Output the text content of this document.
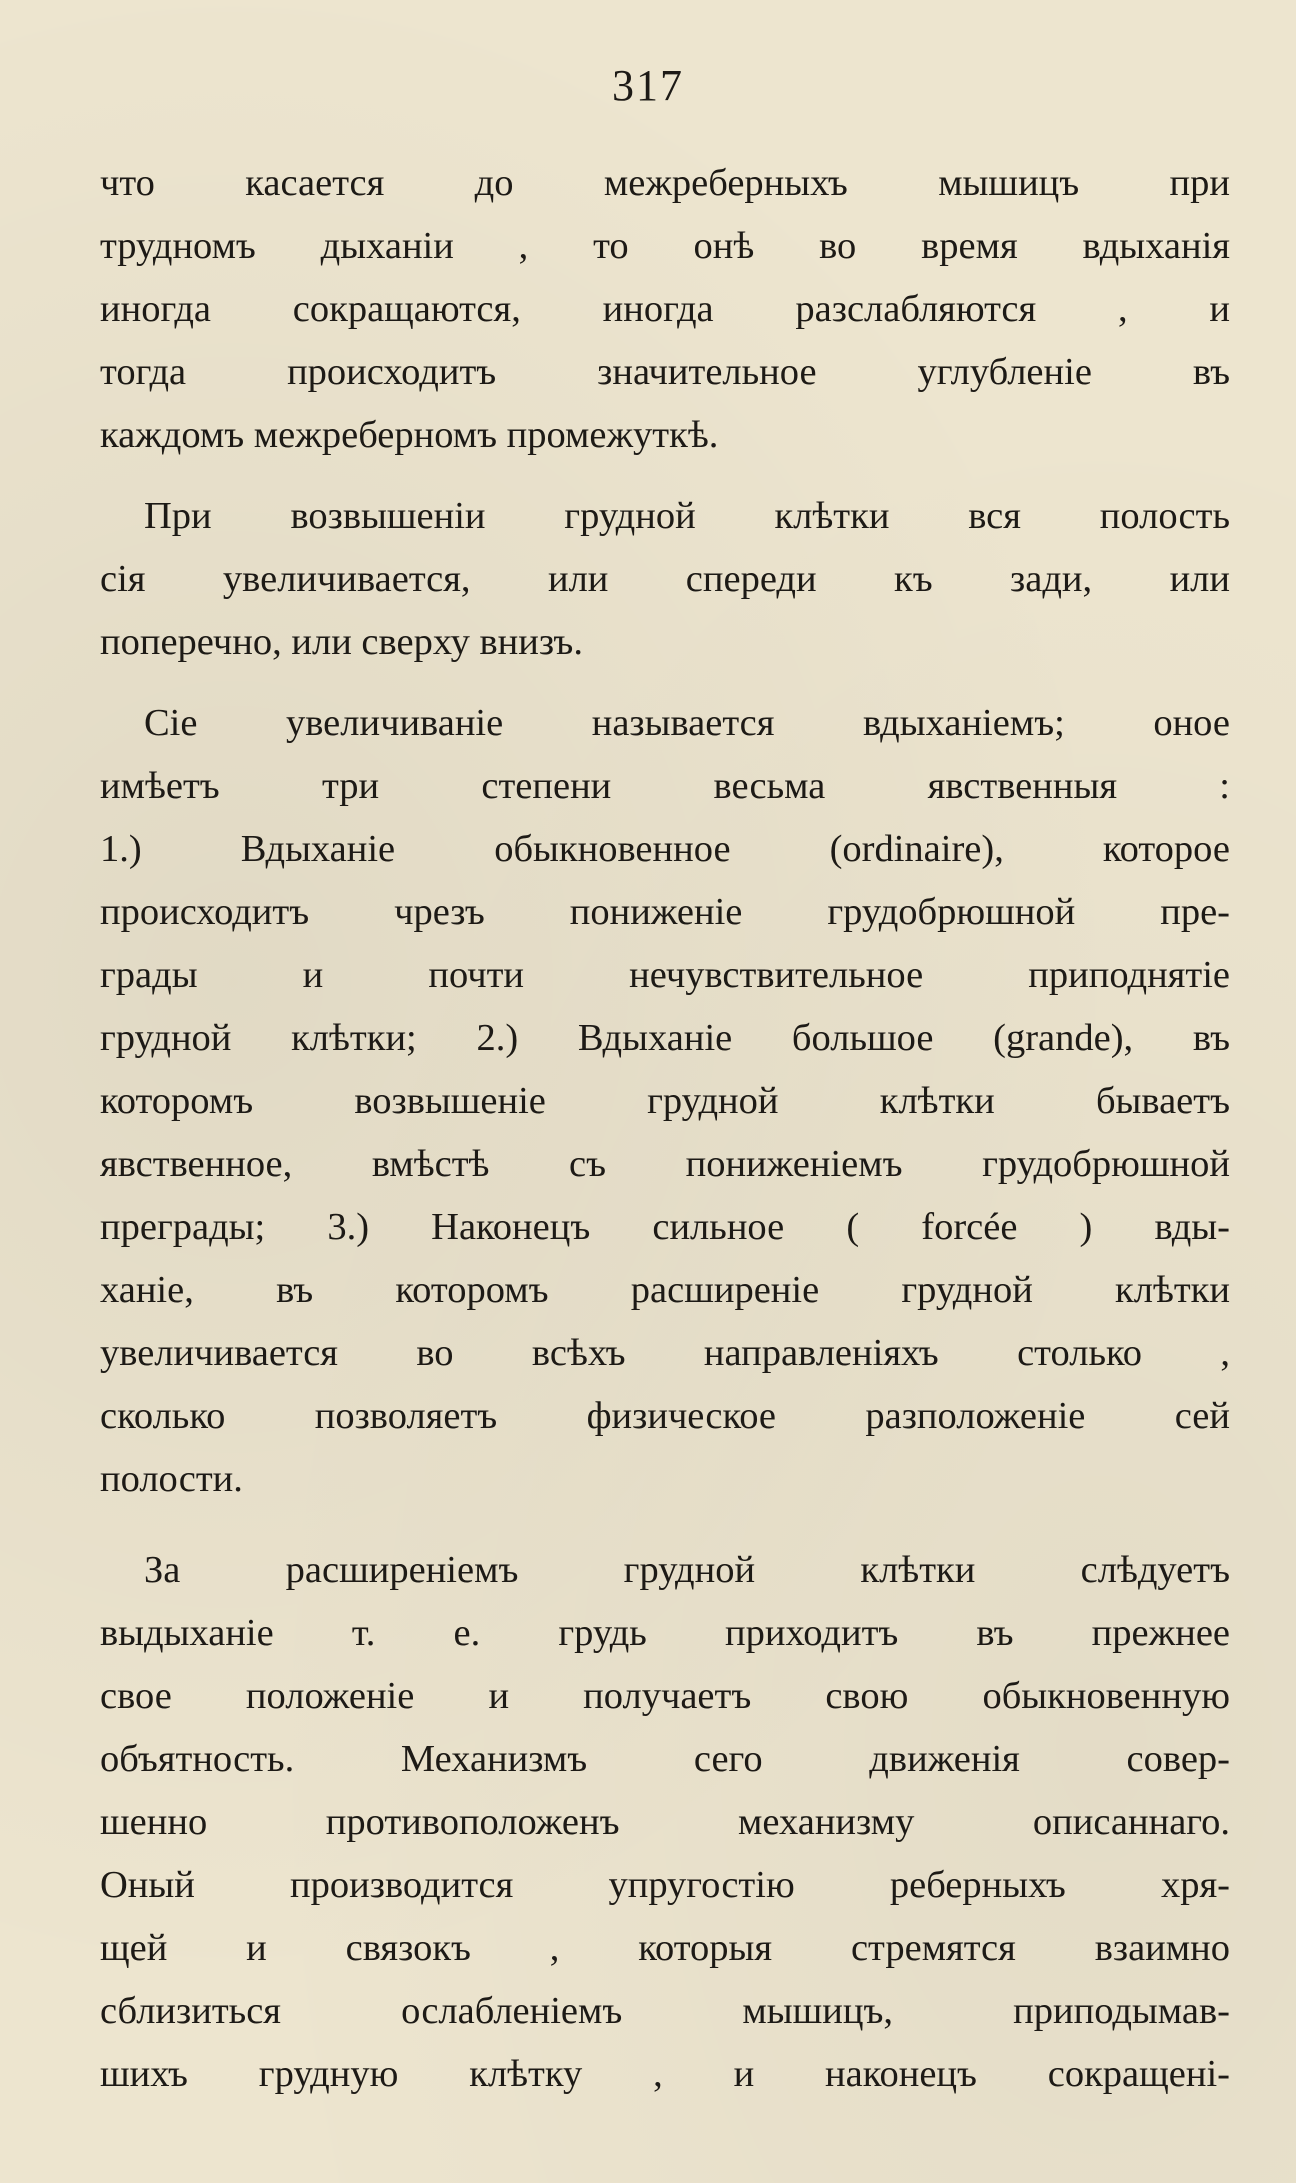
317
что касается до межреберныхъ мышицъ при
трудномъ дыханіи , то онѣ во время вдыханія
иногда сокращаются, иногда разслабляются , и
тогда происходитъ значительное углубленіе въ
каждомъ межреберномъ промежуткѣ.
При возвышеніи грудной клѣтки вся полость
сія увеличивается, или спереди къ зади, или
поперечно, или сверху внизъ.
Сіе увеличиваніе называется вдыханіемъ; оное
имѣетъ три степени весьма явственныя :
1.) Вдыханіе обыкновенное (ordinaire), которое
происходитъ чрезъ пониженіе грудобрюшной пре-
грады и почти нечувствительное приподнятіе
грудной клѣтки; 2.) Вдыханіе большое (grande), въ
которомъ возвышеніе грудной клѣтки бываетъ
явственное, вмѣстѣ съ пониженіемъ грудобрюшной
преграды; 3.) Наконецъ сильное ( forcée ) вды-
ханіе, въ которомъ расширеніе грудной клѣтки
увеличивается во всѣхъ направленіяхъ столько ,
сколько позволяетъ физическое разположеніе сей
полости.
За расширеніемъ грудной клѣтки слѣдуетъ
выдыханіе т. е. грудь приходитъ въ прежнее
свое положеніе и получаетъ свою обыкновенную
объятность. Механизмъ сего движенія совер-
шенно противоположенъ механизму описаннаго.
Оный производится упругостію реберныхъ хря-
щей и связокъ , которыя стремятся взаимно
сблизиться ослабленіемъ мышицъ, приподымав-
шихъ грудную клѣтку , и наконецъ сокращені-
